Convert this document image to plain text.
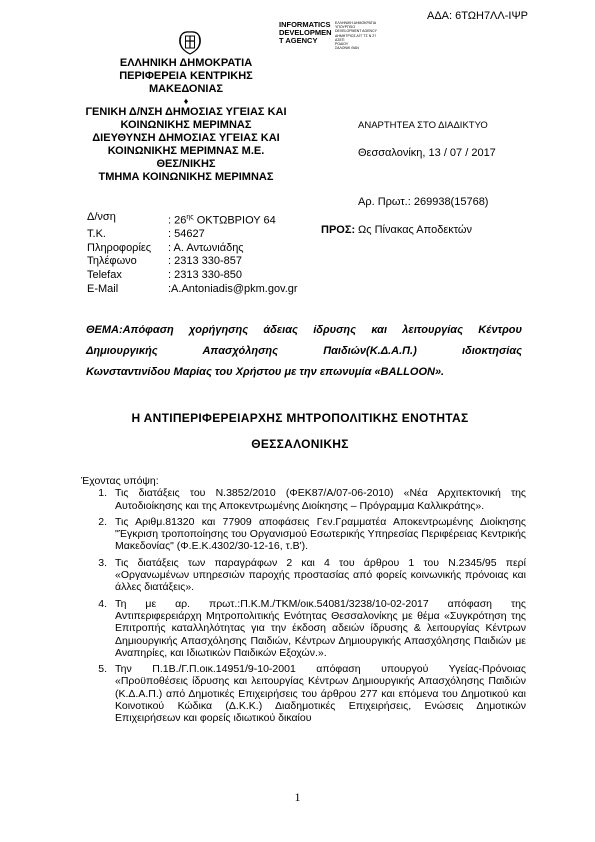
ΑΔΑ: 6ΤΩΗ7ΛΛ-ΙΨΡ
INFORMATICS
DEVELOPMEN
T AGENCY
ΕΛΛΗΝΙΚΗ ΔΗΜΟΚΡΑΤΙΑ
ΥΠΟΥΡΓΕΙΟ
DEVELOPMENT AGENCY
ΔΗΜΗΤΡΙΟΣ ΑΓΓ ΤΣ Ν 2?
ΑΣΕΠ
ΡΟΔΙΟΥ
ΣΑΛΟΝΙΚ ΘΑΝ
ΕΛΛΗΝΙΚΗ ΔΗΜΟΚΡΑΤΙΑ
ΠΕΡΙΦΕΡΕΙΑ ΚΕΝΤΡΙΚΗΣ
ΜΑΚΕΔΟΝΙΑΣ
♦
ΓΕΝΙΚΗ Δ/ΝΣΗ ΔΗΜΟΣΙΑΣ ΥΓΕΙΑΣ ΚΑΙ
ΚΟΙΝΩΝΙΚΗΣ ΜΕΡΙΜΝΑΣ
ΔΙΕΥΘΥΝΣΗ ΔΗΜΟΣΙΑΣ ΥΓΕΙΑΣ ΚΑΙ
ΚΟΙΝΩΝΙΚΗΣ ΜΕΡΙΜΝΑΣ Μ.Ε.
ΘΕΣ/ΝΙΚΗΣ
ΤΜΗΜΑ ΚΟΙΝΩΝΙΚΗΣ ΜΕΡΙΜΝΑΣ
ΑΝΑΡΤΗΤΕΑ ΣΤΟ ΔΙΑΔΙΚΤΥΟ
Θεσσαλονίκη, 13 / 07 / 2017
Αρ. Πρωτ.: 269938(15768)
ΠΡΟΣ: Ως Πίνακας Αποδεκτών
Δ/νση	: $26^{\eta\varsigma}$ ΟΚΤΩΒΡΙΟΥ 64
Τ.Κ.	: 54627
Πληροφορίες	: Α. Αντωνιάδης
Τηλέφωνο	: 2313 330-857
Telefax	: 2313 330-850
E-Mail	:A.Antoniadis@pkm.gov.gr
ΘΕΜΑ:Απόφαση χορήγησης άδειας ίδρυσης και λειτουργίας Κέντρου
Δημιουργικής Απασχόλησης Παιδιών(Κ.Δ.Α.Π.) ιδιοκτησίας
Κωνσταντινίδου Μαρίας του Χρήστου με την επωνυμία «BALLOON».
Η ΑΝΤΙΠΕΡΙΦΕΡΕΙΑΡΧΗΣ ΜΗΤΡΟΠΟΛΙΤΙΚΗΣ ΕΝΟΤΗΤΑΣ
ΘΕΣΣΑΛΟΝΙΚΗΣ
Έχοντας υπόψη:
1. Τις διατάξεις του Ν.3852/2010 (ΦΕΚ87/Α/07-06-2010) «Νέα Αρχιτεκτονική της Αυτοδιοίκησης και της Αποκεντρωμένης Διοίκησης – Πρόγραμμα Καλλικράτης».
2. Τις Αριθμ.81320 και 77909 αποφάσεις Γεν.Γραμματέα Αποκεντρωμένης Διοίκησης "Έγκριση τροποποίησης του Οργανισμού Εσωτερικής Υπηρεσίας Περιφέρειας Κεντρικής Μακεδονίας" (Φ.Ε.Κ.4302/30-12-16, τ.Β').
3. Τις διατάξεις των παραγράφων 2 και 4 του άρθρου 1 του Ν.2345/95 περί «Οργανωμένων υπηρεσιών παροχής προστασίας από φορείς κοινωνικής πρόνοιας και άλλες διατάξεις».
4. Τη με αρ. πρωτ.:Π.Κ.Μ./ΤΚΜ/οικ.54081/3238/10-02-2017 απόφαση της Αντιπεριφερειάρχη Μητροπολιτικής Ενότητας Θεσσαλονίκης με θέμα «Συγκρότηση της Επιτροπής καταλληλότητας για την έκδοση αδειών ίδρυσης & λειτουργίας Κέντρων Δημιουργικής Απασχόλησης Παιδιών, Κέντρων Δημιουργικής Απασχόλησης Παιδιών με Αναπηρίες, και Ιδιωτικών Παιδικών Εξοχών.».
5. Την Π.1Β./Γ.Π.οικ.14951/9-10-2001 απόφαση υπουργού Υγείας-Πρόνοιας «Προϋποθέσεις ίδρυσης και λειτουργίας Κέντρων Δημιουργικής Απασχόλησης Παιδιών (Κ.Δ.Α.Π.) από Δημοτικές Επιχειρήσεις του άρθρου 277 και επόμενα του Δημοτικού και Κοινοτικού Κώδικα (Δ.Κ.Κ.) Διαδημοτικές Επιχειρήσεις, Ενώσεις Δημοτικών Επιχειρήσεων και φορείς ιδιωτικού δικαίου
1
